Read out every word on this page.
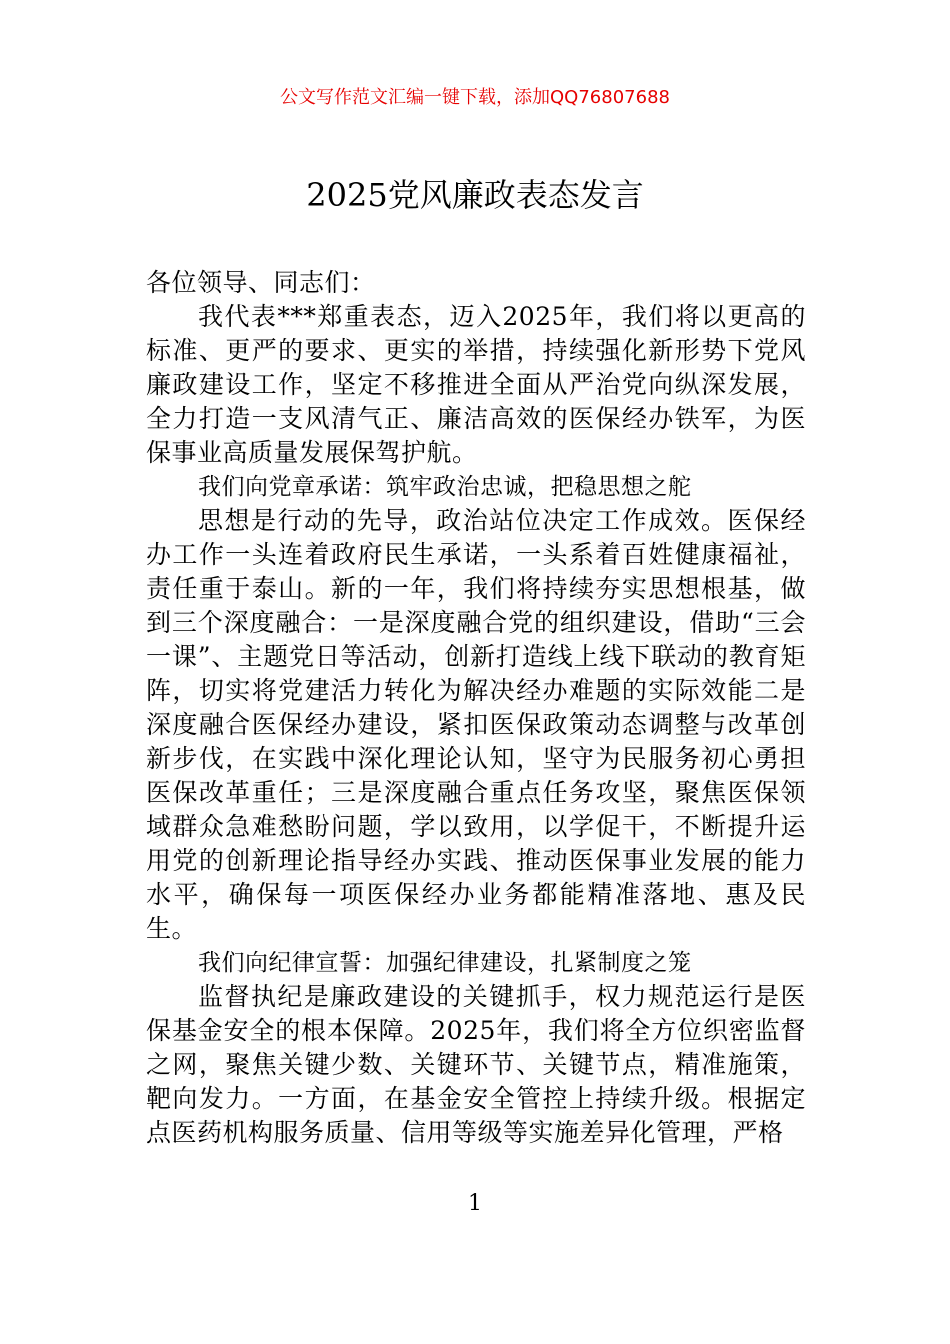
公文写作范文汇编一键下载，添加QQ76807688
2025党风廉政表态发言

各位领导、同志们：

我代表***郑重表态，迈入2025年，我们将以更高的标准、更严的要求、更实的举措，持续强化新形势下党风廉政建设工作，坚定不移推进全面从严治党向纵深发展，全力打造一支风清气正、廉洁高效的医保经办铁军，为医保事业高质量发展保驾护航。

我们向党章承诺：筑牢政治忠诚，把稳思想之舵

思想是行动的先导，政治站位决定工作成效。医保经办工作一头连着政府民生承诺，一头系着百姓健康福祉，责任重于泰山。新的一年，我们将持续夯实思想根基，做到三个深度融合：一是深度融合党的组织建设，借助“三会一课”、主题党日等活动，创新打造线上线下联动的教育矩阵，切实将党建活力转化为解决经办难题的实际效能二是深度融合医保经办建设，紧扣医保政策动态调整与改革创新步伐，在实践中深化理论认知，坚守为民服务初心勇担医保改革重任；三是深度融合重点任务攻坚，聚焦医保领域群众急难愁盼问题，学以致用，以学促干，不断提升运用党的创新理论指导经办实践、推动医保事业发展的能力水平，确保每一项医保经办业务都能精准落地、惠及民生。

我们向纪律宣誓：加强纪律建设，扎紧制度之笼

监督执纪是廉政建设的关键抓手，权力规范运行是医保基金安全的根本保障。2025年，我们将全方位织密监督之网，聚焦关键少数、关键环节、关键节点，精准施策，靶向发力。一方面，在基金安全管控上持续升级。根据定点医药机构服务质量、信用等级等实施差异化管理，严格

1
